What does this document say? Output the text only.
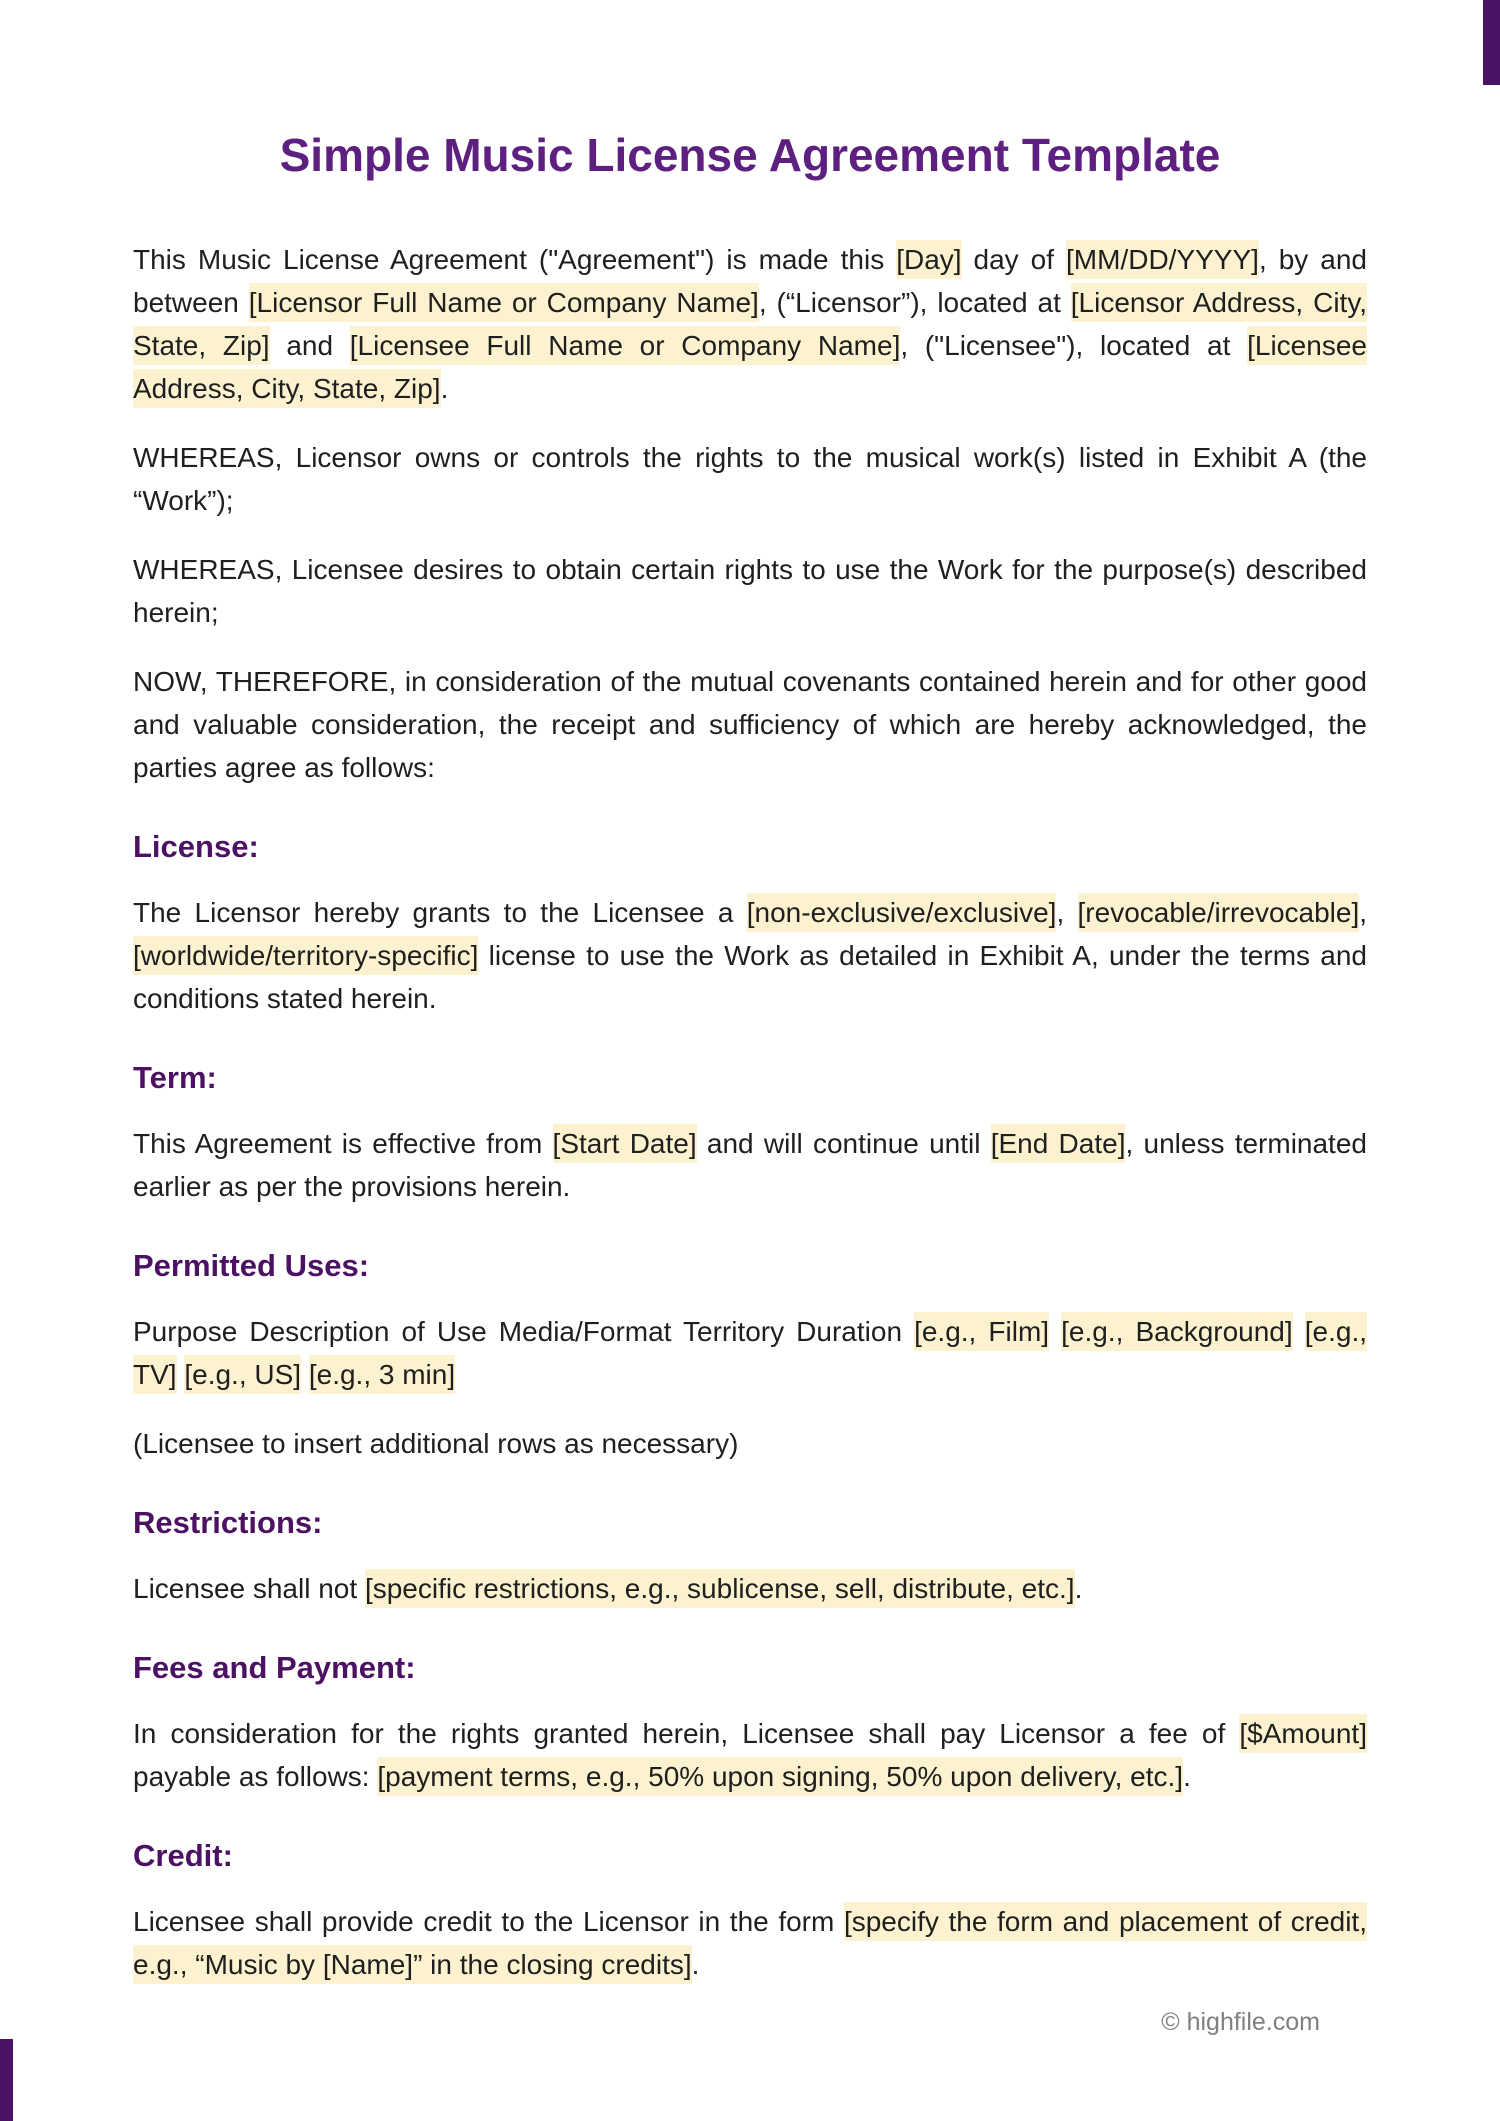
Simple Music License Agreement Template

This Music License Agreement ("Agreement") is made this [Day] day of [MM/DD/YYYY], by and between [Licensor Full Name or Company Name], (“Licensor”), located at [Licensor Address, City, State, Zip] and [Licensee Full Name or Company Name], ("Licensee"), located at [Licensee Address, City, State, Zip].

WHEREAS, Licensor owns or controls the rights to the musical work(s) listed in Exhibit A (the “Work”);

WHEREAS, Licensee desires to obtain certain rights to use the Work for the purpose(s) described herein;

NOW, THEREFORE, in consideration of the mutual covenants contained herein and for other good and valuable consideration, the receipt and sufficiency of which are hereby acknowledged, the parties agree as follows:

License:

The Licensor hereby grants to the Licensee a [non-exclusive/exclusive], [revocable/irrevocable], [worldwide/territory-specific] license to use the Work as detailed in Exhibit A, under the terms and conditions stated herein.

Term:

This Agreement is effective from [Start Date] and will continue until [End Date], unless terminated earlier as per the provisions herein.

Permitted Uses:

Purpose Description of Use Media/Format Territory Duration [e.g., Film] [e.g., Background] [e.g., TV] [e.g., US] [e.g., 3 min]

(Licensee to insert additional rows as necessary)

Restrictions:

Licensee shall not [specific restrictions, e.g., sublicense, sell, distribute, etc.].

Fees and Payment:

In consideration for the rights granted herein, Licensee shall pay Licensor a fee of [$Amount] payable as follows: [payment terms, e.g., 50% upon signing, 50% upon delivery, etc.].

Credit:

Licensee shall provide credit to the Licensor in the form [specify the form and placement of credit, e.g., “Music by [Name]” in the closing credits].

© highfile.com
